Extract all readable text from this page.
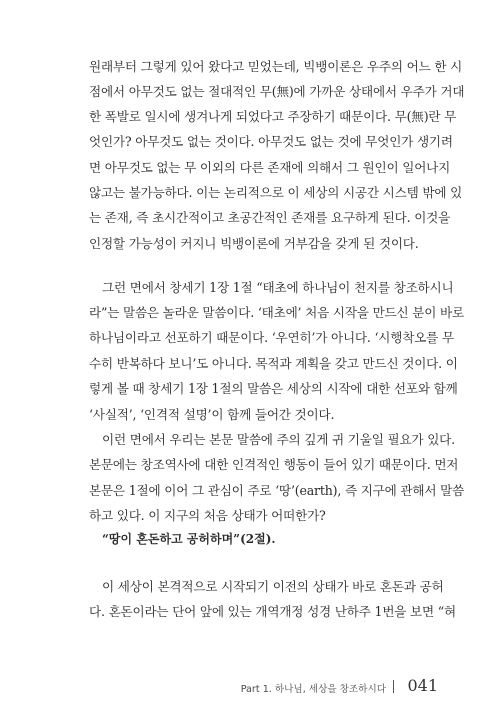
원래부터 그렇게 있어 왔다고 믿었는데, 빅뱅이론은 우주의 어느 한 시
점에서 아무것도 없는 절대적인 무(無)에 가까운 상태에서 우주가 거대
한 폭발로 일시에 생겨나게 되었다고 주장하기 때문이다. 무(無)란 무
엇인가? 아무것도 없는 것이다. 아무것도 없는 것에 무엇인가 생기려
면 아무것도 없는 무 이외의 다른 존재에 의해서 그 원인이 일어나지
않고는 불가능하다. 이는 논리적으로 이 세상의 시공간 시스템 밖에 있
는 존재, 즉 초시간적이고 초공간적인 존재를 요구하게 된다. 이것을
인정할 가능성이 커지니 빅뱅이론에 거부감을 갖게 된 것이다.
그런 면에서 창세기 1장 1절 “태초에 하나님이 천지를 창조하시니
라”는 말씀은 놀라운 말씀이다. ‘태초에’ 처음 시작을 만드신 분이 바로
하나님이라고 선포하기 때문이다. ‘우연히’가 아니다. ‘시행착오를 무
수히 반복하다 보니’도 아니다. 목적과 계획을 갖고 만드신 것이다. 이
렇게 볼 때 창세기 1장 1절의 말씀은 세상의 시작에 대한 선포와 함께
‘사실적’, ‘인격적 설명’이 함께 들어간 것이다.
이런 면에서 우리는 본문 말씀에 주의 깊게 귀 기울일 필요가 있다.
본문에는 창조역사에 대한 인격적인 행동이 들어 있기 때문이다. 먼저
본문은 1절에 이어 그 관심이 주로 ‘땅’(earth), 즉 지구에 관해서 말씀
하고 있다. 이 지구의 처음 상태가 어떠한가?
“땅이 혼돈하고 공허하며”(2절).
이 세상이 본격적으로 시작되기 이전의 상태가 바로 혼돈과 공허
다. 혼돈이라는 단어 앞에 있는 개역개정 성경 난하주 1번을 보면 “혀
Part 1. 하나님, 세상을 창조하시다 041
